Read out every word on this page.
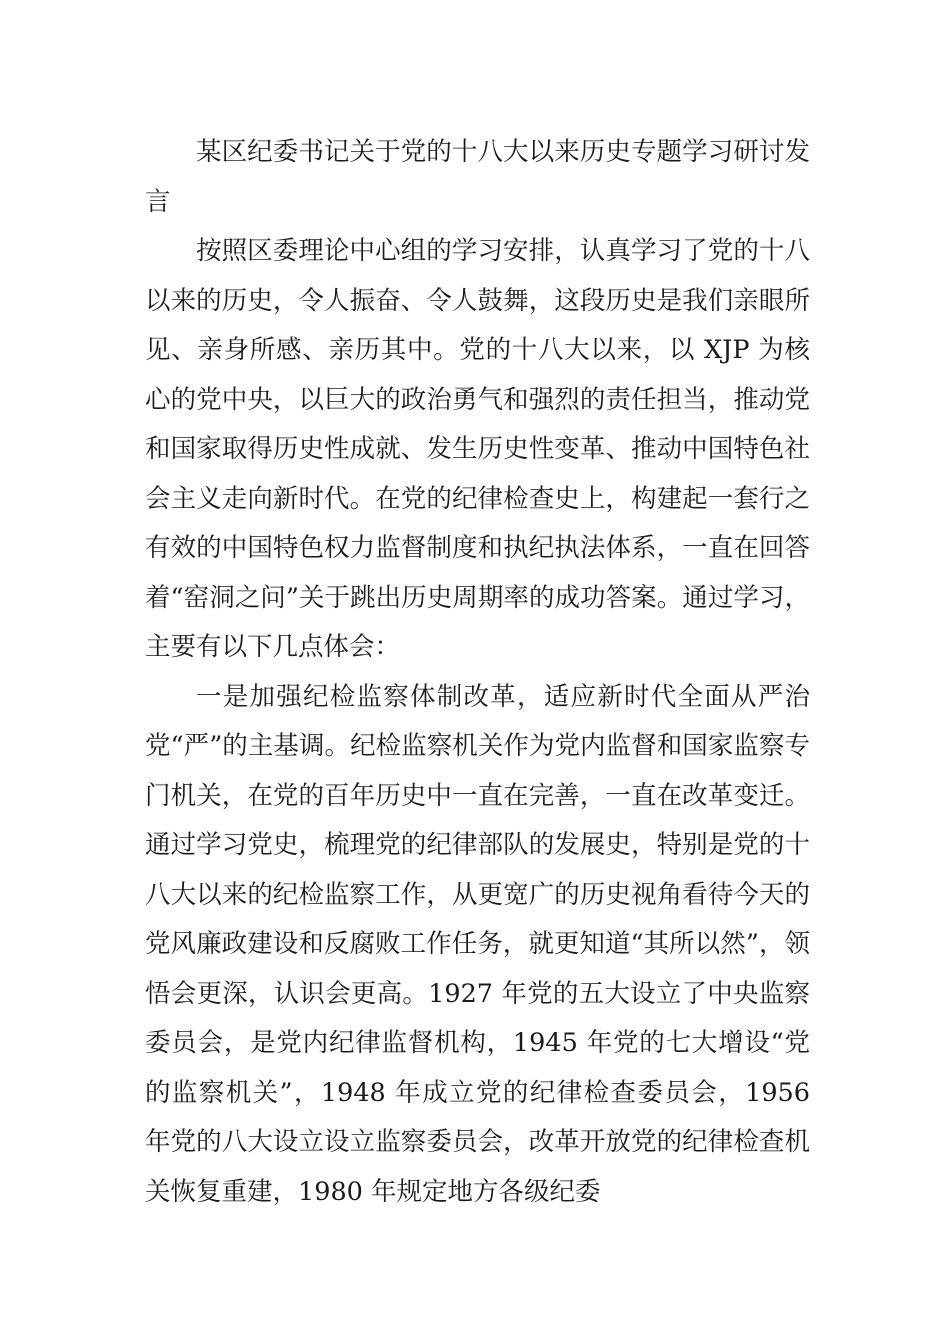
某区纪委书记关于党的十八大以来历史专题学习研讨发言

按照区委理论中心组的学习安排，认真学习了党的十八以来的历史，令人振奋、令人鼓舞，这段历史是我们亲眼所见、亲身所感、亲历其中。党的十八大以来，以 XJP 为核心的党中央，以巨大的政治勇气和强烈的责任担当，推动党和国家取得历史性成就、发生历史性变革、推动中国特色社会主义走向新时代。在党的纪律检查史上，构建起一套行之有效的中国特色权力监督制度和执纪执法体系，一直在回答着“窑洞之问”关于跳出历史周期率的成功答案。通过学习，主要有以下几点体会：

一是加强纪检监察体制改革，适应新时代全面从严治党“严”的主基调。纪检监察机关作为党内监督和国家监察专门机关，在党的百年历史中一直在完善，一直在改革变迁。通过学习党史，梳理党的纪律部队的发展史，特别是党的十八大以来的纪检监察工作，从更宽广的历史视角看待今天的党风廉政建设和反腐败工作任务，就更知道“其所以然”，领悟会更深，认识会更高。1927 年党的五大设立了中央监察委员会，是党内纪律监督机构，1945 年党的七大增设“党的监察机关”，1948 年成立党的纪律检查委员会，1956 年党的八大设立设立监察委员会，改革开放党的纪律检查机关恢复重建，1980 年规定地方各级纪委
